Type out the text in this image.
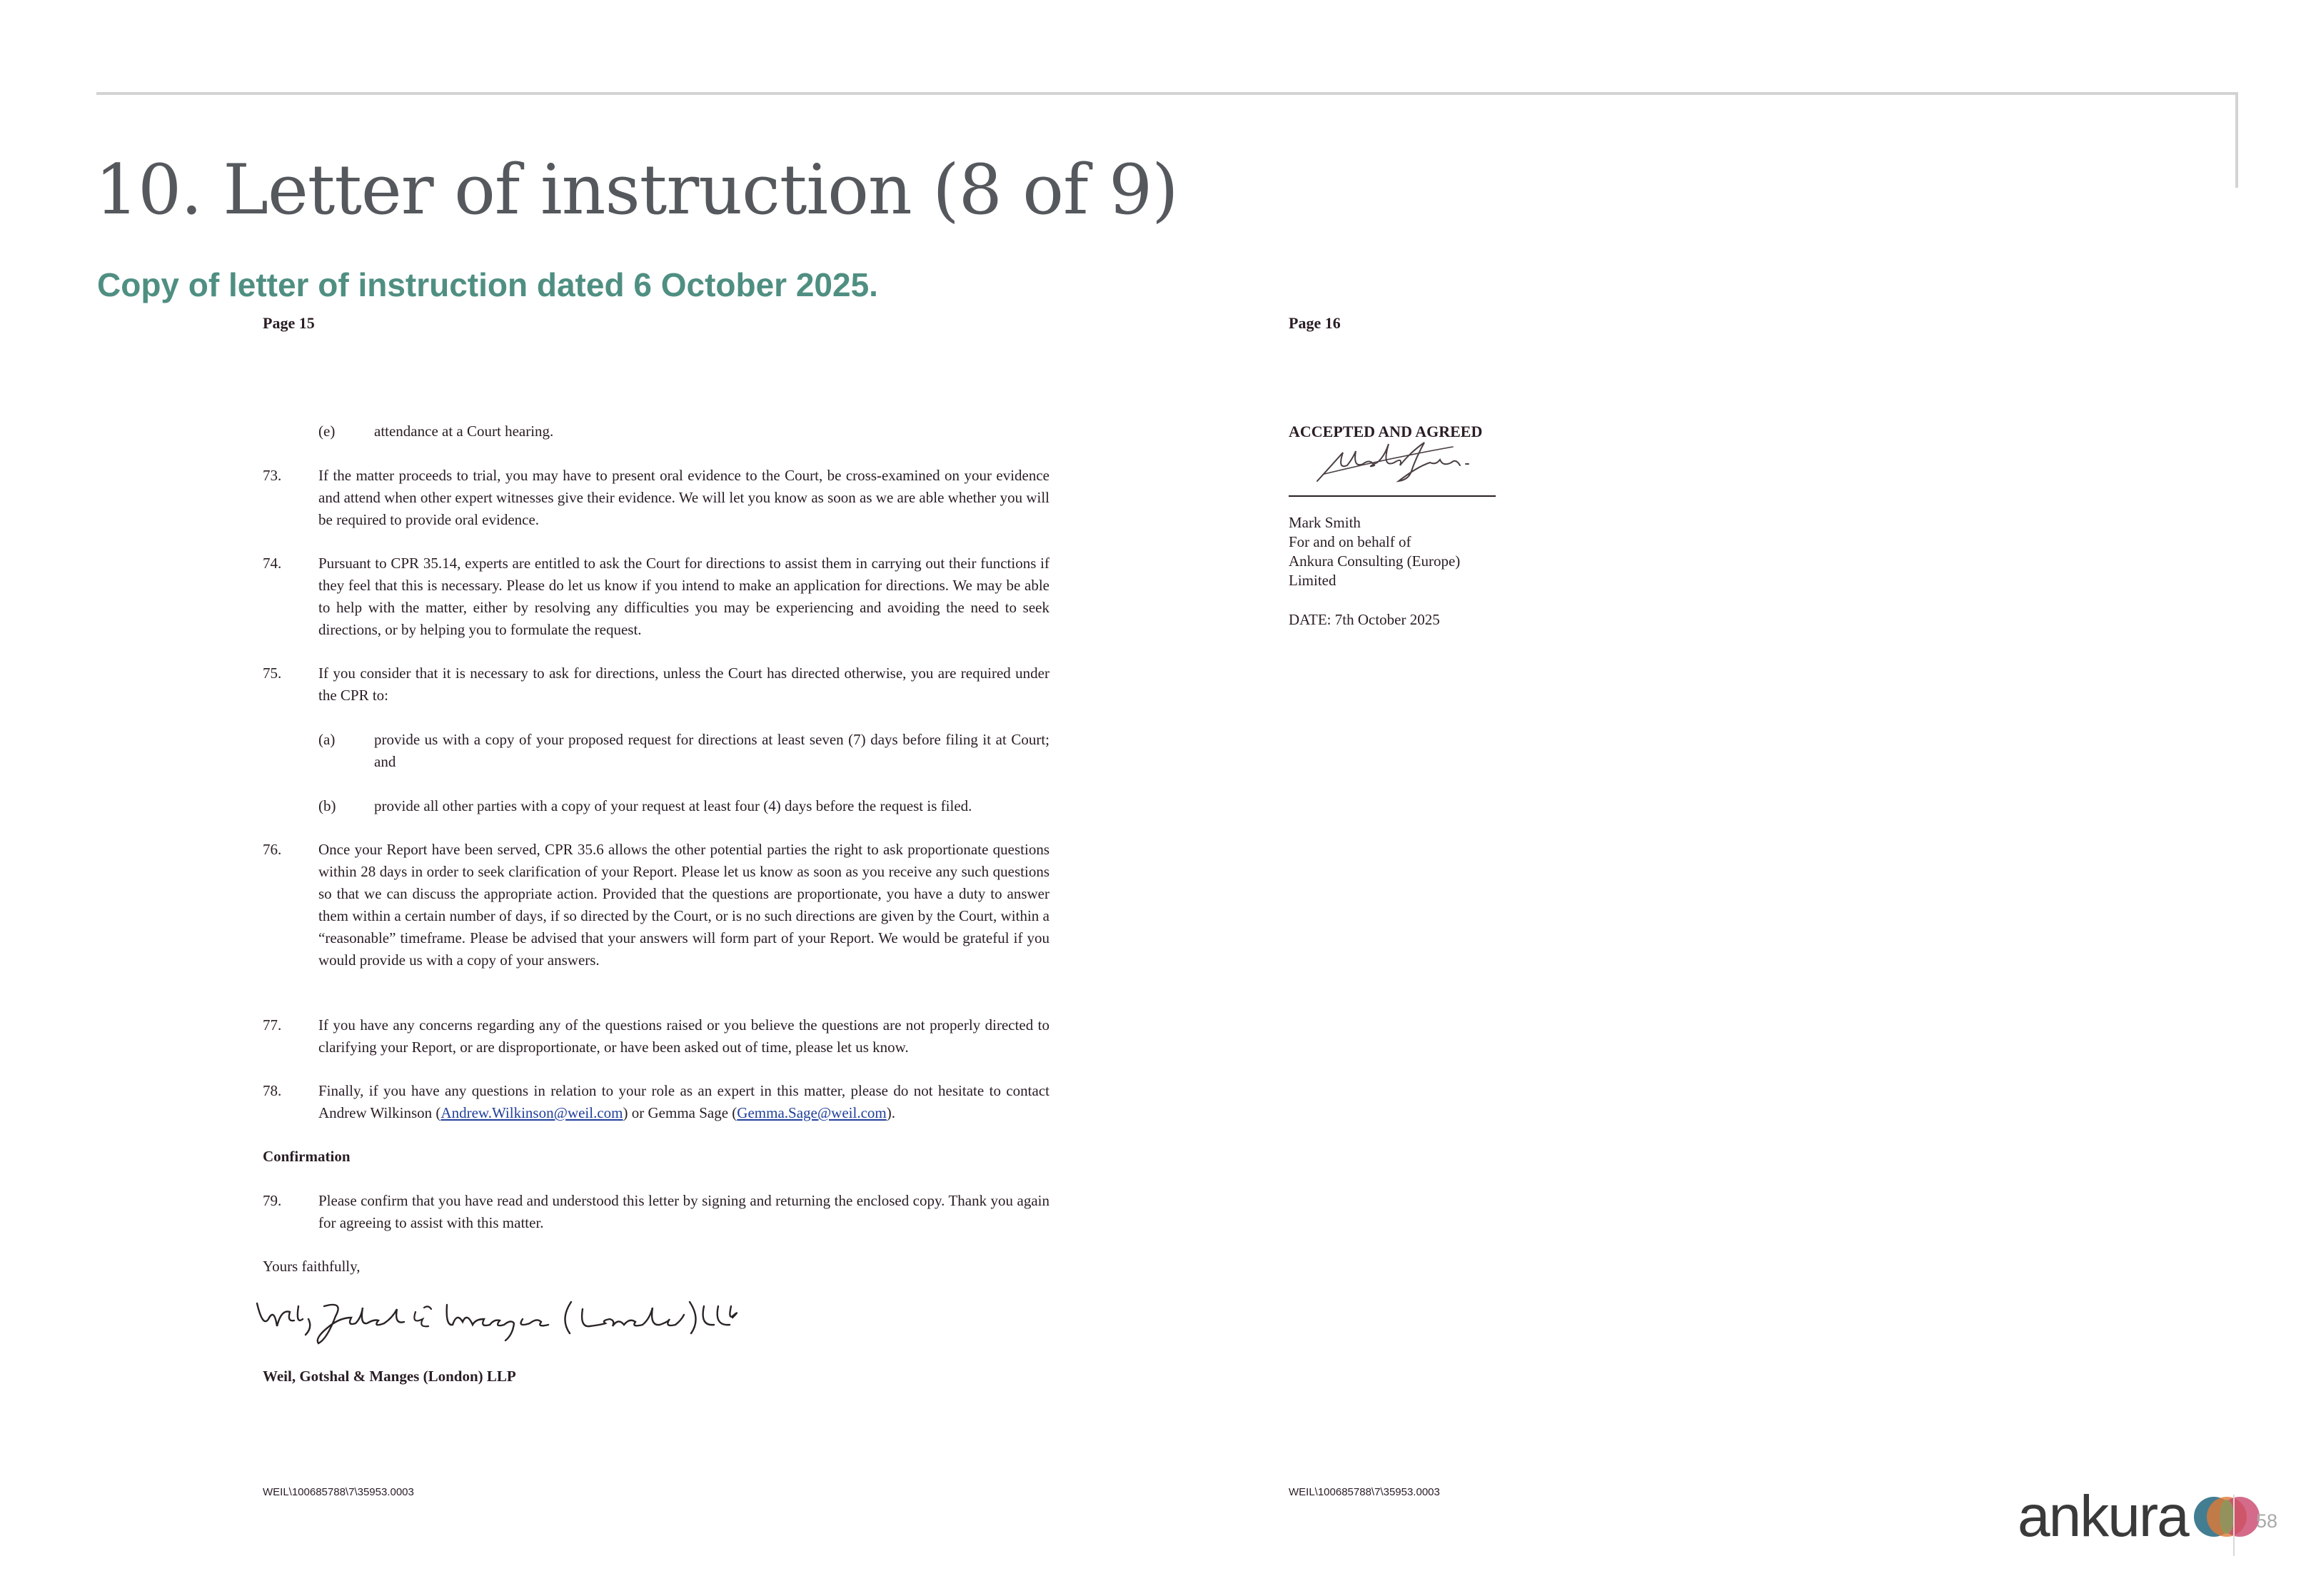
10. Letter of instruction (8 of 9)
Copy of letter of instruction dated 6 October 2025.
Page 15
(e)	attendance at a Court hearing.
73. If the matter proceeds to trial, you may have to present oral evidence to the Court, be cross-examined on your evidence and attend when other expert witnesses give their evidence. We will let you know as soon as we are able whether you will be required to provide oral evidence.
74. Pursuant to CPR 35.14, experts are entitled to ask the Court for directions to assist them in carrying out their functions if they feel that this is necessary. Please do let us know if you intend to make an application for directions. We may be able to help with the matter, either by resolving any difficulties you may be experiencing and avoiding the need to seek directions, or by helping you to formulate the request.
75. If you consider that it is necessary to ask for directions, unless the Court has directed otherwise, you are required under the CPR to:
(a)	provide us with a copy of your proposed request for directions at least seven (7) days before filing it at Court; and
(b)	provide all other parties with a copy of your request at least four (4) days before the request is filed.
76. Once your Report have been served, CPR 35.6 allows the other potential parties the right to ask proportionate questions within 28 days in order to seek clarification of your Report. Please let us know as soon as you receive any such questions so that we can discuss the appropriate action. Provided that the questions are proportionate, you have a duty to answer them within a certain number of days, if so directed by the Court, or is no such directions are given by the Court, within a “reasonable” timeframe. Please be advised that your answers will form part of your Report. We would be grateful if you would provide us with a copy of your answers.
77. If you have any concerns regarding any of the questions raised or you believe the questions are not properly directed to clarifying your Report, or are disproportionate, or have been asked out of time, please let us know.
78. Finally, if you have any questions in relation to your role as an expert in this matter, please do not hesitate to contact Andrew Wilkinson (Andrew.Wilkinson@weil.com) or Gemma Sage (Gemma.Sage@weil.com).
Confirmation
79. Please confirm that you have read and understood this letter by signing and returning the enclosed copy. Thank you again for agreeing to assist with this matter.
Yours faithfully,
Weil, Gotshal & Manges (London) LLP
WEIL\100685788\7\35953.0003
Page 16
ACCEPTED AND AGREED
Mark Smith
For and on behalf of
Ankura Consulting (Europe)
Limited
DATE: 7th October 2025
WEIL\100685788\7\35953.0003	ankura	58
